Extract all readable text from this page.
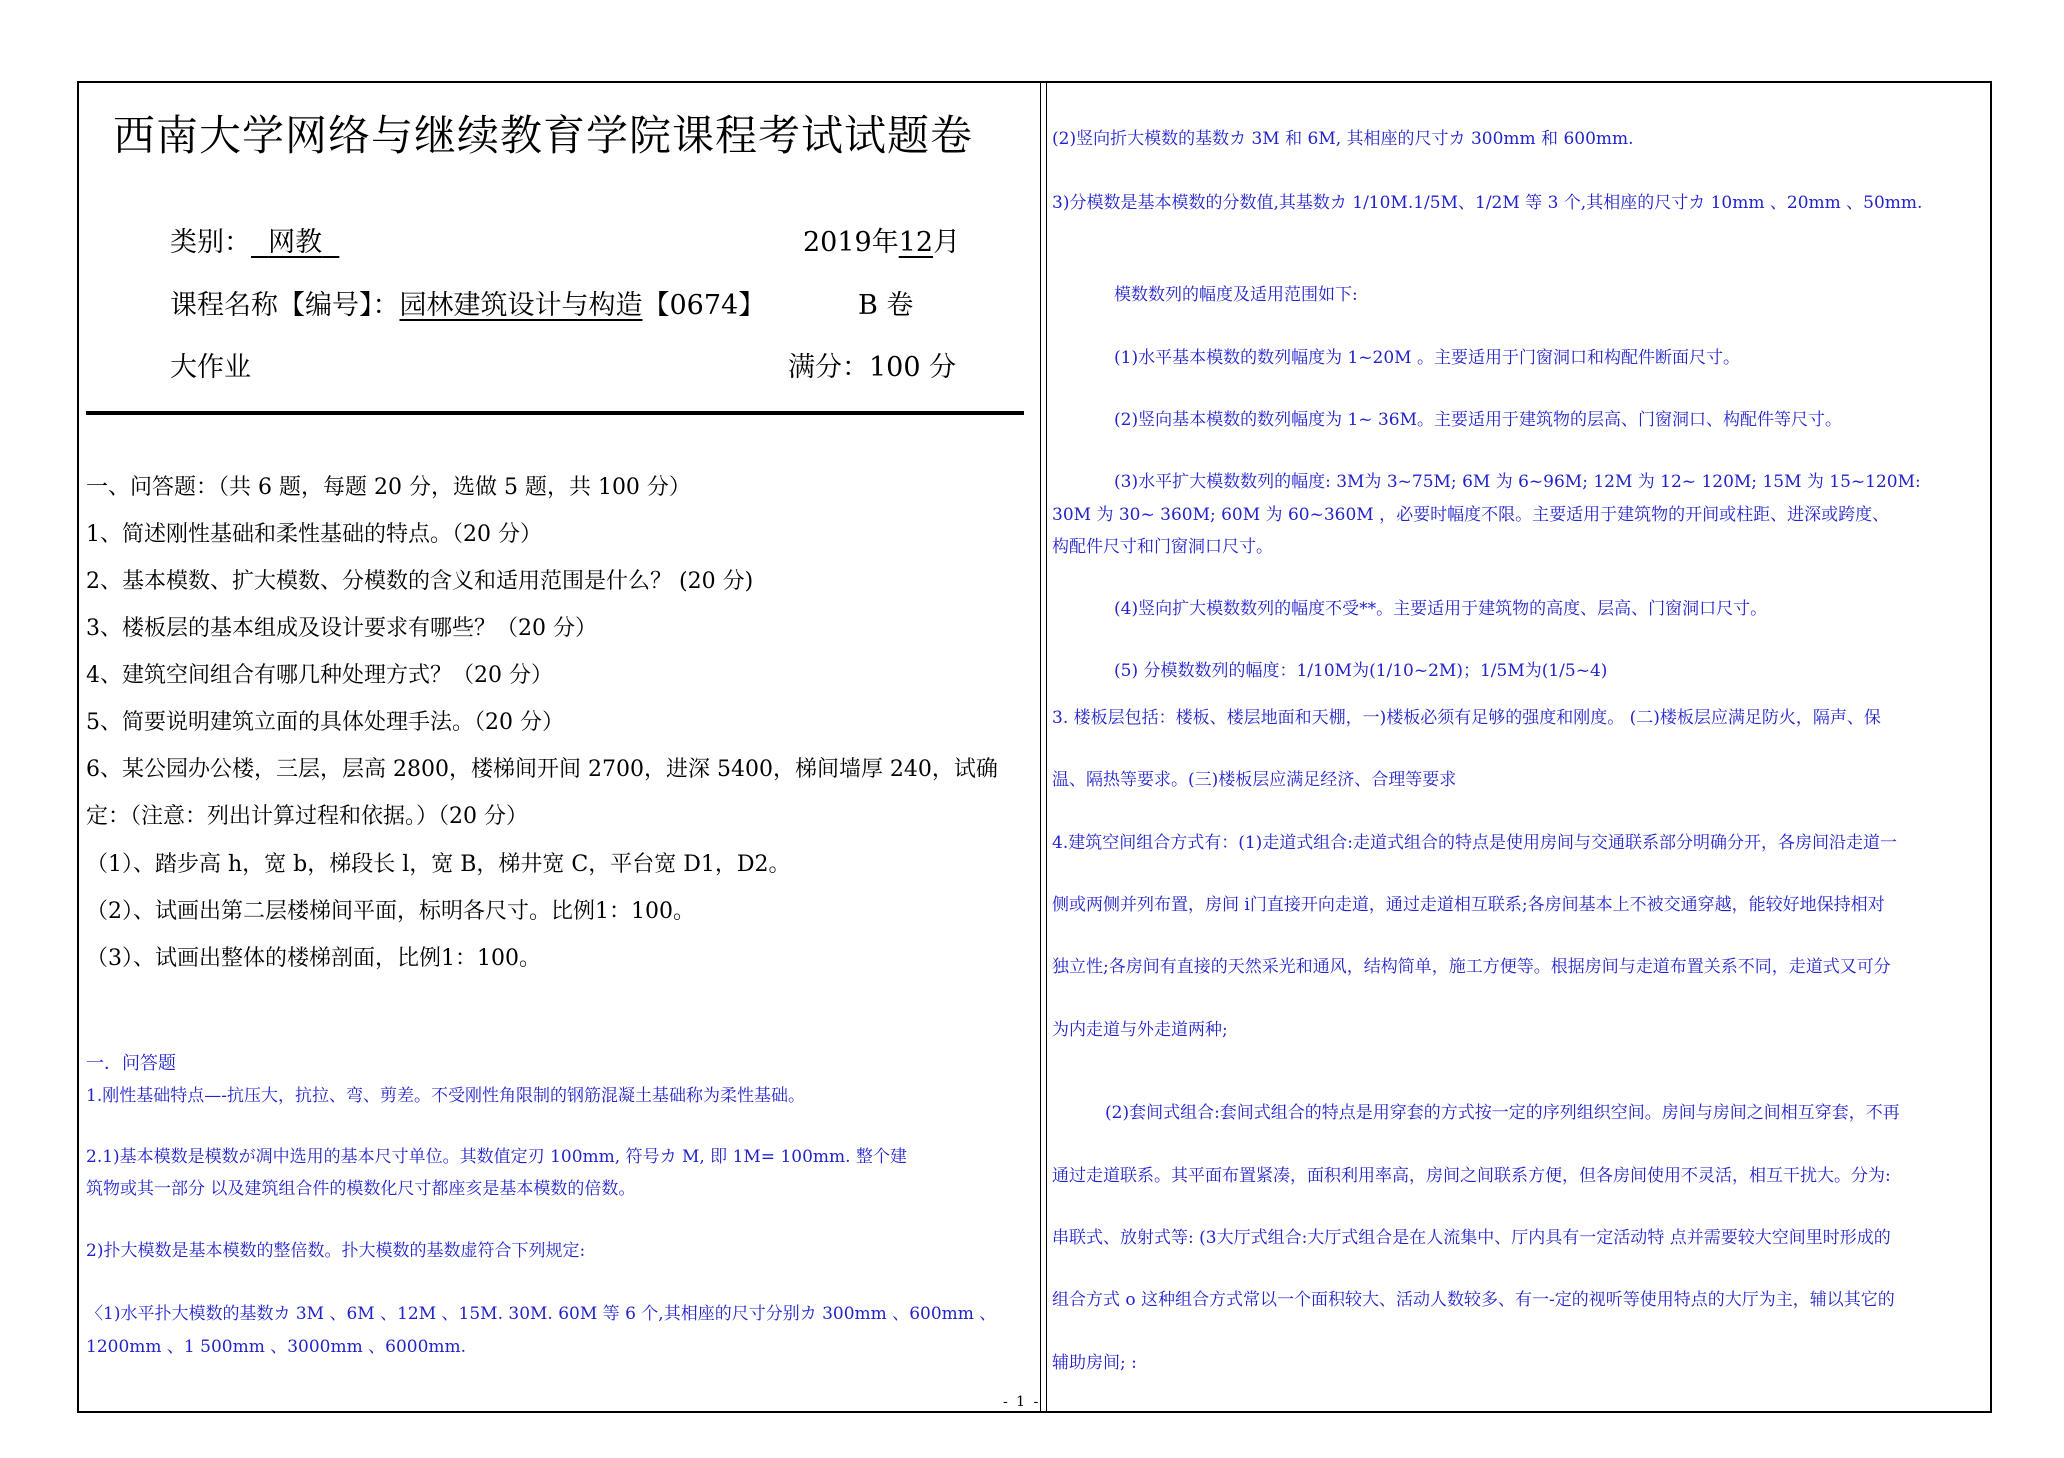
西南大学网络与继续教育学院课程考试试题卷
类别： 网教	2019年12月
课程名称【编号】：园林建筑设计与构造【0674】	B 卷
大作业	满分：100 分
一、问答题：（共 6 题，每题 20 分，选做 5 题，共 100 分）
1、简述刚性基础和柔性基础的特点。（20 分）
2、基本模数、扩大模数、分模数的含义和适用范围是什么？ (20 分)
3、楼板层的基本组成及设计要求有哪些？（20 分）
4、建筑空间组合有哪几种处理方式？（20 分）
5、简要说明建筑立面的具体处理手法。（20 分）
6、某公园办公楼，三层，层高 2800，楼梯间开间 2700，进深 5400，梯间墙厚 240，试确
定：（注意：列出计算过程和依据。）（20 分）
（1）、踏步高 h，宽 b，梯段长 l，宽 B，梯井宽 C，平台宽 D1，D2。
（2）、试画出第二层楼梯间平面，标明各尺寸。比例1：100。
（3）、试画出整体的楼梯剖面，比例1：100。
一．问答题
1.刚性基础特点—-抗压大，抗拉、弯、剪差。不受刚性角限制的钢筋混凝土基础称为柔性基础。
2.1)基本模数是模数が凋中选用的基本尺寸单位。其数值定刃 100mm, 符号カ M, 即 1M= 100mm. 整个建
筑物或其一部分 以及建筑组合件的模数化尺寸都座亥是基本模数的倍数。
2)扑大模数是基本模数的整倍数。扑大模数的基数虚符合下列规定:
〈1)水平扑大模数的基数カ 3M 、6M 、12M 、15M. 30M. 60M 等 6 个,其相座的尺寸分别カ 300mm 、600mm 、
1200mm 、1 500mm 、3000mm 、6000mm.
(2)竖向折大模数的基数カ 3M 和 6M, 其相座的尺寸カ 300mm 和 600mm.
3)分模数是基本模数的分数值,其基数カ 1/10M.1/5M、1/2M 等 3 个,其相座的尺寸カ 10mm 、20mm 、50mm.
模数数列的幅度及适用范围如下:
(1)水平基本模数的数列幅度为 1~20M 。主要适用于门窗洞口和构配件断面尺寸。
(2)竖向基本模数的数列幅度为 1~ 36M。主要适用于建筑物的层高、门窗洞口、构配件等尺寸。
(3)水平扩大模数数列的幅度: 3M为 3~75M; 6M 为 6~96M; 12M 为 12~ 120M; 15M 为 15~120M:
30M 为 30~ 360M; 60M 为 60~360M ，必要时幅度不限。主要适用于建筑物的开间或柱距、进深或跨度、
构配件尺寸和门窗洞口尺寸。
(4)竖向扩大模数数列的幅度不受**。主要适用于建筑物的高度、层高、门窗洞口尺寸。
(5) 分模数数列的幅度：1/10M为(1/10~2M)；1/5M为(1/5~4)
3. 楼板层包括：楼板、楼层地面和天棚，一)楼板必须有足够的强度和刚度。 (二)楼板层应满足防火，隔声、保
温、隔热等要求。(三)楼板层应满足经济、合理等要求
4.建筑空间组合方式有：(1)走道式组合:走道式组合的特点是使用房间与交通联系部分明确分开，各房间沿走道一
侧或两侧并列布置，房间 i门直接开向走道，通过走道相互联系;各房间基本上不被交通穿越，能较好地保持相对
独立性;各房间有直接的天然采光和通风，结构简单，施工方便等。根据房间与走道布置关系不同，走道式又可分
为内走道与外走道两种;
(2)套间式组合:套间式组合的特点是用穿套的方式按一定的序列组织空间。房间与房间之间相互穿套，不再
通过走道联系。其平面布置紧凑，面积利用率高，房间之间联系方便，但各房间使用不灵活，相互干扰大。分为:
串联式、放射式等: (3大厅式组合:大厅式组合是在人流集中、厅内具有一定活动特 点并需要较大空间里时形成的
组合方式 o 这种组合方式常以一个面积较大、活动人数较多、有一-定的视听等使用特点的大厅为主，辅以其它的
辅助房间; :
- 1 -
